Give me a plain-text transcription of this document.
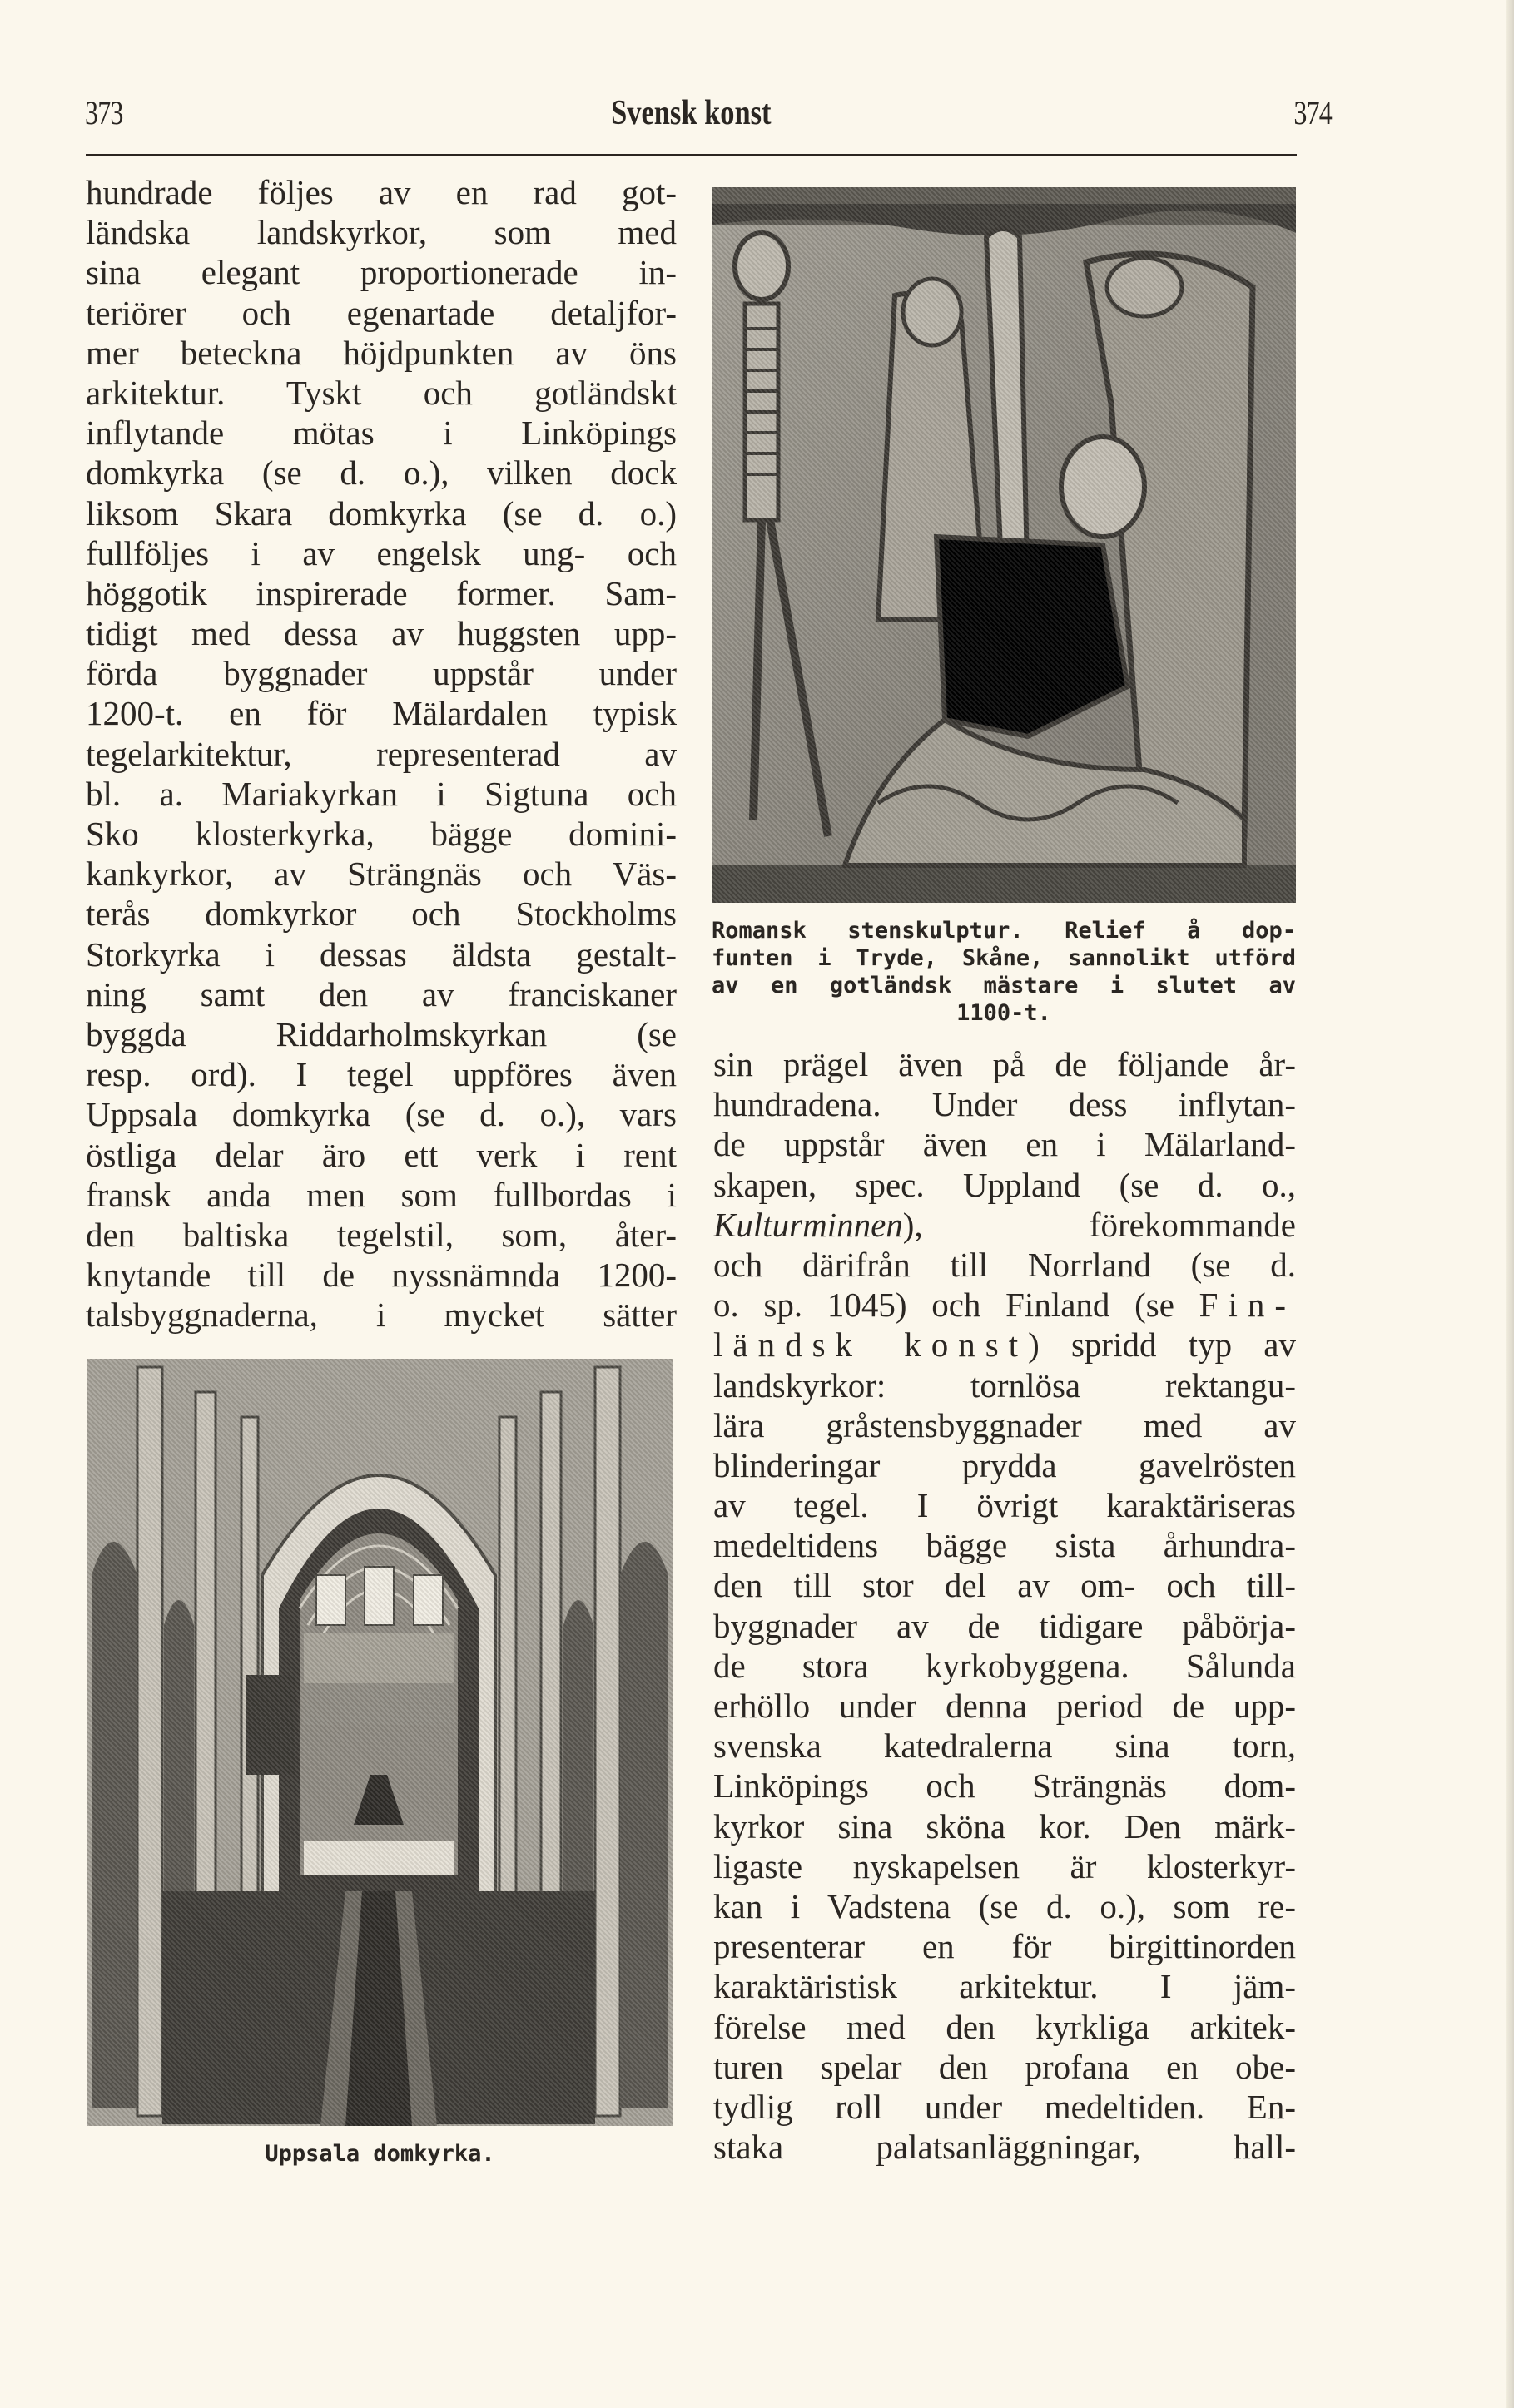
373	Svensk konst	374
hundrade följes av en rad got-
ländska landskyrkor, som med
sina elegant proportionerade in-
teriörer och egenartade detaljfor-
mer beteckna höjdpunkten av öns
arkitektur. Tyskt och gotländskt
inflytande mötas i Linköpings
domkyrka (se d. o.), vilken dock
liksom Skara domkyrka (se d. o.)
fullföljes i av engelsk ung- och
höggotik inspirerade former. Sam-
tidigt med dessa av huggsten upp-
förda byggnader uppstår under
1200-t. en för Mälardalen typisk
tegelarkitektur, representerad av
bl. a. Mariakyrkan i Sigtuna och
Sko klosterkyrka, bägge domini-
kankyrkor, av Strängnäs och Väs-
terås domkyrkor och Stockholms
Storkyrka i dessas äldsta gestalt-
ning samt den av franciskaner
byggda Riddarholmskyrkan (se
resp. ord). I tegel uppföres även
Uppsala domkyrka (se d. o.), vars
östliga delar äro ett verk i rent
fransk anda men som fullbordas i
den baltiska tegelstil, som, åter-
knytande till de nyssnämnda 1200-
talsbyggnaderna, i mycket sätter
Romansk stenskulptur. Relief å dop-
funten i Tryde, Skåne, sannolikt utförd
av en gotländsk mästare i slutet av
1100-t.
sin prägel även på de följande år-
hundradena. Under dess inflytan-
de uppstår även en i Mälarland-
skapen, spec. Uppland (se d. o.,
Kulturminnen), förekommande
och därifrån till Norrland (se d.
o. sp. 1045) och Finland (se Fin-
ländsk konst) spridd typ av
landskyrkor: tornlösa rektangu-
lära gråstensbyggnader med av
blinderingar prydda gavelrösten
av tegel. I övrigt karaktäriseras
medeltidens bägge sista århundra-
den till stor del av om- och till-
byggnader av de tidigare påbörja-
de stora kyrkobyggena. Sålunda
erhöllo under denna period de upp-
svenska katedralerna sina torn,
Linköpings och Strängnäs dom-
kyrkor sina sköna kor. Den märk-
ligaste nyskapelsen är klosterkyr-
kan i Vadstena (se d. o.), som re-
presenterar en för birgittinorden
karaktäristisk arkitektur. I jäm-
förelse med den kyrkliga arkitek-
turen spelar den profana en obe-
tydlig roll under medeltiden. En-
staka palatsanläggningar, hall-
Uppsala domkyrka.
